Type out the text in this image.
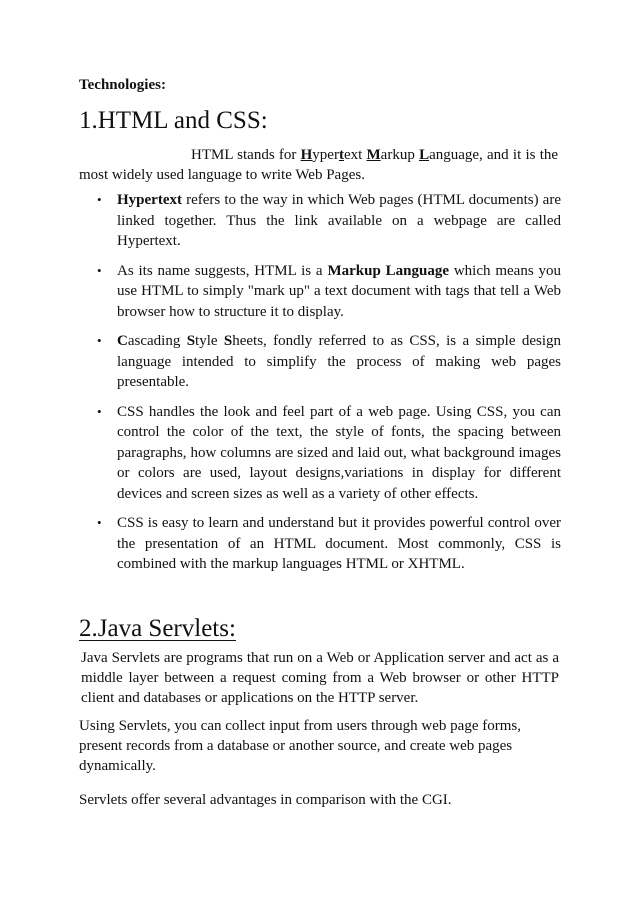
Technologies:
1.HTML and CSS:
HTML stands for Hypertext Markup Language, and it is the most widely used language to write Web Pages.
• Hypertext refers to the way in which Web pages (HTML documents) are linked together. Thus the link available on a webpage are called Hypertext.
• As its name suggests, HTML is a Markup Language which means you use HTML to simply "mark up" a text document with tags that tell a Web browser how to structure it to display.
• Cascading Style Sheets, fondly referred to as CSS, is a simple design language intended to simplify the process of making web pages presentable.
• CSS handles the look and feel part of a web page. Using CSS, you can control the color of the text, the style of fonts, the spacing between paragraphs, how columns are sized and laid out, what background images or colors are used, layout designs,variations in display for different devices and screen sizes as well as a variety of other effects.
• CSS is easy to learn and understand but it provides powerful control over the presentation of an HTML document. Most commonly, CSS is combined with the markup languages HTML or XHTML.
2.Java Servlets:
Java Servlets are programs that run on a Web or Application server and act as a middle layer between a request coming from a Web browser or other HTTP client and databases or applications on the HTTP server.
Using Servlets, you can collect input from users through web page forms, present records from a database or another source, and create web pages dynamically.
Servlets offer several advantages in comparison with the CGI.
